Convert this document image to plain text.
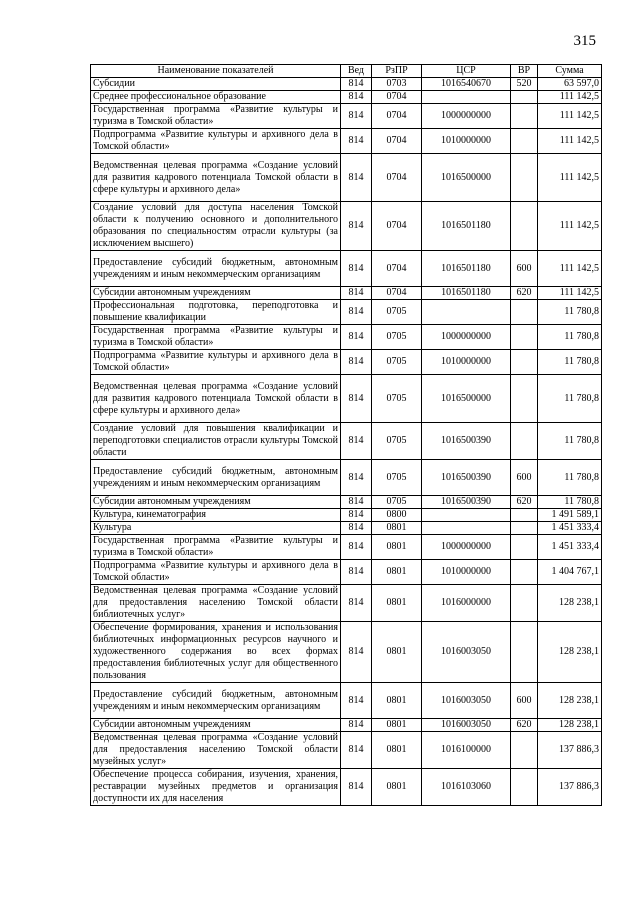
315
Наименование показателей	Вед	РзПР	ЦСР	ВР	Сумма
Субсидии	814	0703	1016540670	520	63 597,0
Среднее профессиональное образование	814	0704			111 142,5
Государственная программа «Развитие культуры и туризма в Томской области»	814	0704	1000000000		111 142,5
Подпрограмма «Развитие культуры и архивного дела в Томской области»	814	0704	1010000000		111 142,5
Ведомственная целевая программа «Создание условий для развития кадрового потенциала Томской области в сфере культуры и архивного дела»	814	0704	1016500000		111 142,5
Создание условий для доступа населения Томской области к получению основного и дополнительного образования по специальностям отрасли культуры (за исключением высшего)	814	0704	1016501180		111 142,5
Предоставление субсидий бюджетным, автономным учреждениям и иным некоммерческим организациям	814	0704	1016501180	600	111 142,5
Субсидии автономным учреждениям	814	0704	1016501180	620	111 142,5
Профессиональная подготовка, переподготовка и повышение квалификации	814	0705			11 780,8
Государственная программа «Развитие культуры и туризма в Томской области»	814	0705	1000000000		11 780,8
Подпрограмма «Развитие культуры и архивного дела в Томской области»	814	0705	1010000000		11 780,8
Ведомственная целевая программа «Создание условий для развития кадрового потенциала Томской области в сфере культуры и архивного дела»	814	0705	1016500000		11 780,8
Создание условий для повышения квалификации и переподготовки специалистов отрасли культуры Томской области	814	0705	1016500390		11 780,8
Предоставление субсидий бюджетным, автономным учреждениям и иным некоммерческим организациям	814	0705	1016500390	600	11 780,8
Субсидии автономным учреждениям	814	0705	1016500390	620	11 780,8
Культура, кинематография	814	0800			1 491 589,1
Культура	814	0801			1 451 333,4
Государственная программа «Развитие культуры и туризма в Томской области»	814	0801	1000000000		1 451 333,4
Подпрограмма «Развитие культуры и архивного дела в Томской области»	814	0801	1010000000		1 404 767,1
Ведомственная целевая программа «Создание условий для предоставления населению Томской области библиотечных услуг»	814	0801	1016000000		128 238,1
Обеспечение формирования, хранения и использования библиотечных информационных ресурсов научного и художественного содержания во всех формах предоставления библиотечных услуг для общественного пользования	814	0801	1016003050		128 238,1
Предоставление субсидий бюджетным, автономным учреждениям и иным некоммерческим организациям	814	0801	1016003050	600	128 238,1
Субсидии автономным учреждениям	814	0801	1016003050	620	128 238,1
Ведомственная целевая программа «Создание условий для предоставления населению Томской области музейных услуг»	814	0801	1016100000		137 886,3
Обеспечение процесса собирания, изучения, хранения, реставрации музейных предметов и организация доступности их для населения	814	0801	1016103060		137 886,3
